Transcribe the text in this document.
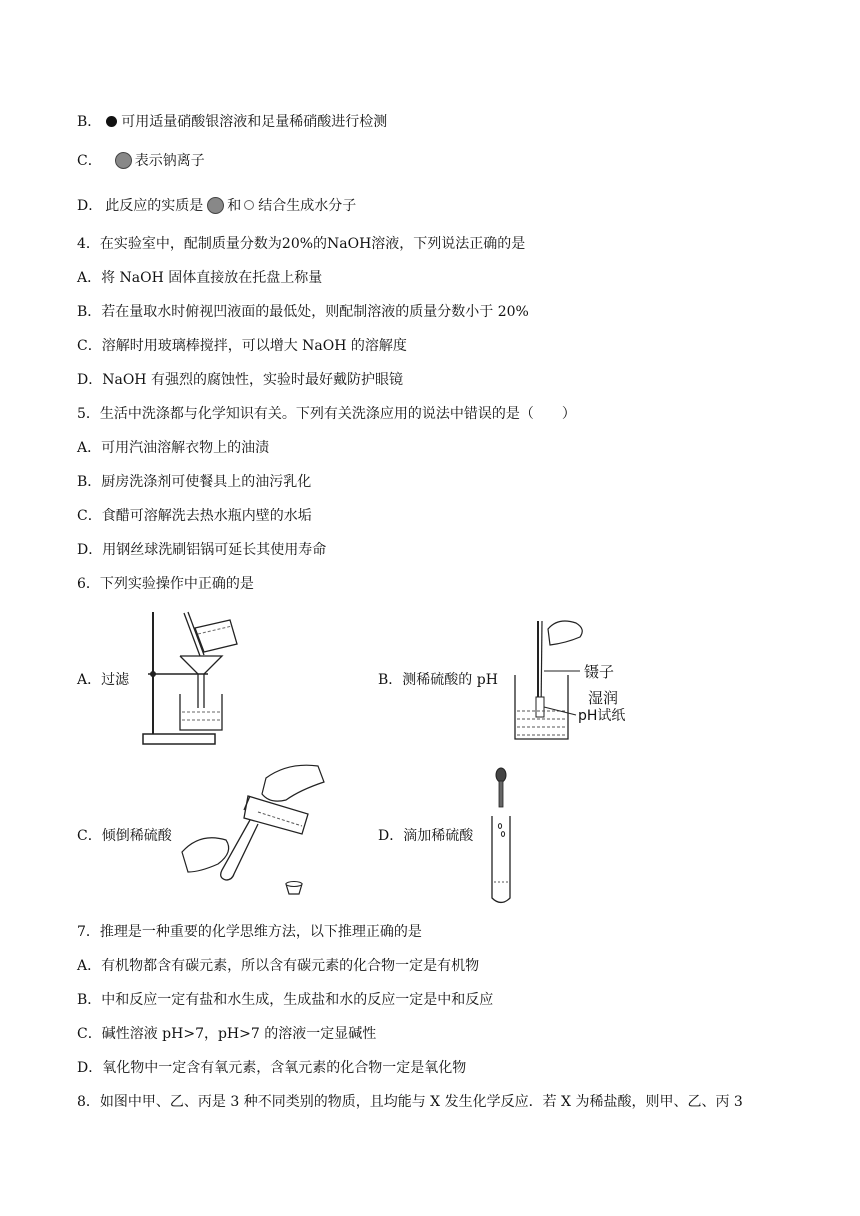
B． 可用适量硝酸银溶液和足量稀硝酸进行检测
C． 表示钠离子
D． 此反应的实质是 和 结合生成水分子
4．在实验室中，配制质量分数为20%的NaOH溶液，下列说法正确的是
A．将 NaOH 固体直接放在托盘上称量
B．若在量取水时俯视凹液面的最低处，则配制溶液的质量分数小于 20%
C．溶解时用玻璃棒搅拌，可以增大 NaOH 的溶解度
D．NaOH 有强烈的腐蚀性，实验时最好戴防护眼镜
5．生活中洗涤都与化学知识有关。下列有关洗涤应用的说法中错误的是（　　）
A．可用汽油溶解衣物上的油渍
B．厨房洗涤剂可使餐具上的油污乳化
C．食醋可溶解洗去热水瓶内壁的水垢
D．用钢丝球洗刷铝锅可延长其使用寿命
6．下列实验操作中正确的是
A．过滤	B．测稀硫酸的 pH	镊子
湿润
pH试纸
C．倾倒稀硫酸	D．滴加稀硫酸
7．推理是一种重要的化学思维方法，以下推理正确的是
A．有机物都含有碳元素，所以含有碳元素的化合物一定是有机物
B．中和反应一定有盐和水生成，生成盐和水的反应一定是中和反应
C．碱性溶液 pH>7，pH>7 的溶液一定显碱性
D．氧化物中一定含有氧元素，含氧元素的化合物一定是氧化物
8．如图中甲、乙、丙是 3 种不同类别的物质，且均能与 X 发生化学反应．若 X 为稀盐酸，则甲、乙、丙 3
